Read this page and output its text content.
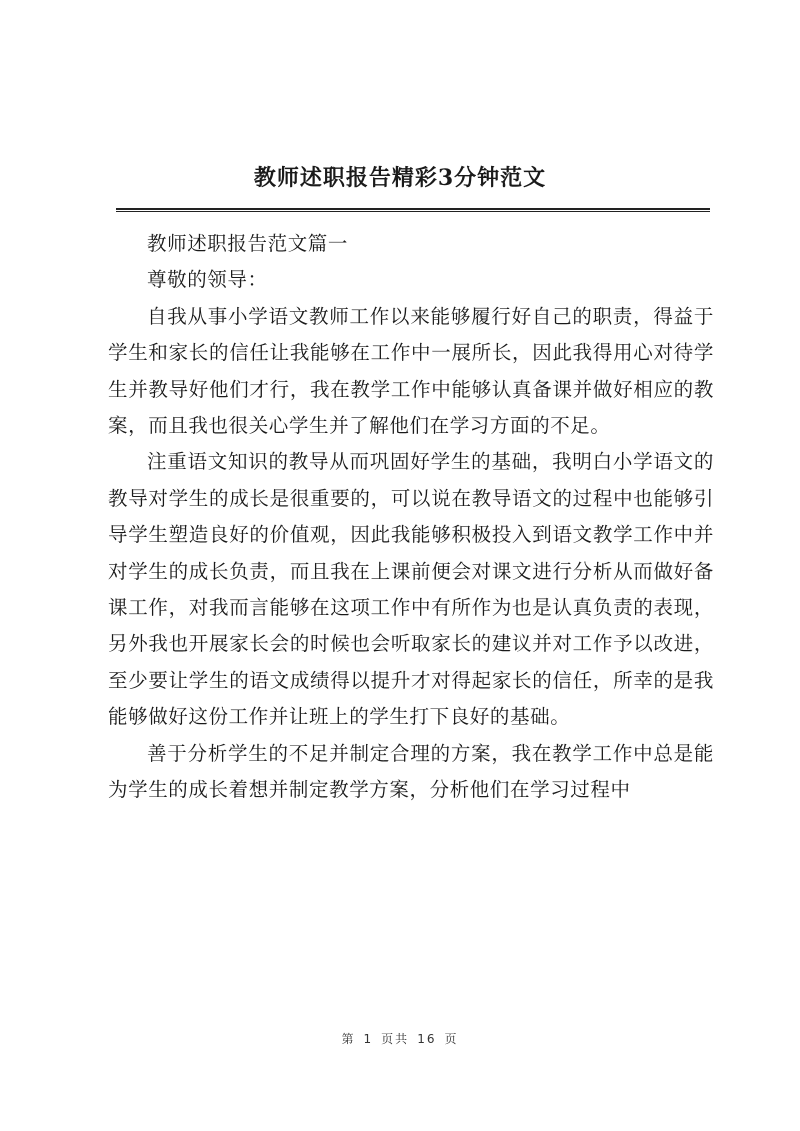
教师述职报告精彩3分钟范文

教师述职报告范文篇一

尊敬的领导：

自我从事小学语文教师工作以来能够履行好自己的职责，得益于学生和家长的信任让我能够在工作中一展所长，因此我得用心对待学生并教导好他们才行，我在教学工作中能够认真备课并做好相应的教案，而且我也很关心学生并了解他们在学习方面的不足。

注重语文知识的教导从而巩固好学生的基础，我明白小学语文的教导对学生的成长是很重要的，可以说在教导语文的过程中也能够引导学生塑造良好的价值观，因此我能够积极投入到语文教学工作中并对学生的成长负责，而且我在上课前便会对课文进行分析从而做好备课工作，对我而言能够在这项工作中有所作为也是认真负责的表现，另外我也开展家长会的时候也会听取家长的建议并对工作予以改进，至少要让学生的语文成绩得以提升才对得起家长的信任，所幸的是我能够做好这份工作并让班上的学生打下良好的基础。

善于分析学生的不足并制定合理的方案，我在教学工作中总是能为学生的成长着想并制定教学方案，分析他们在学习过程中

第 1 页共 16 页
